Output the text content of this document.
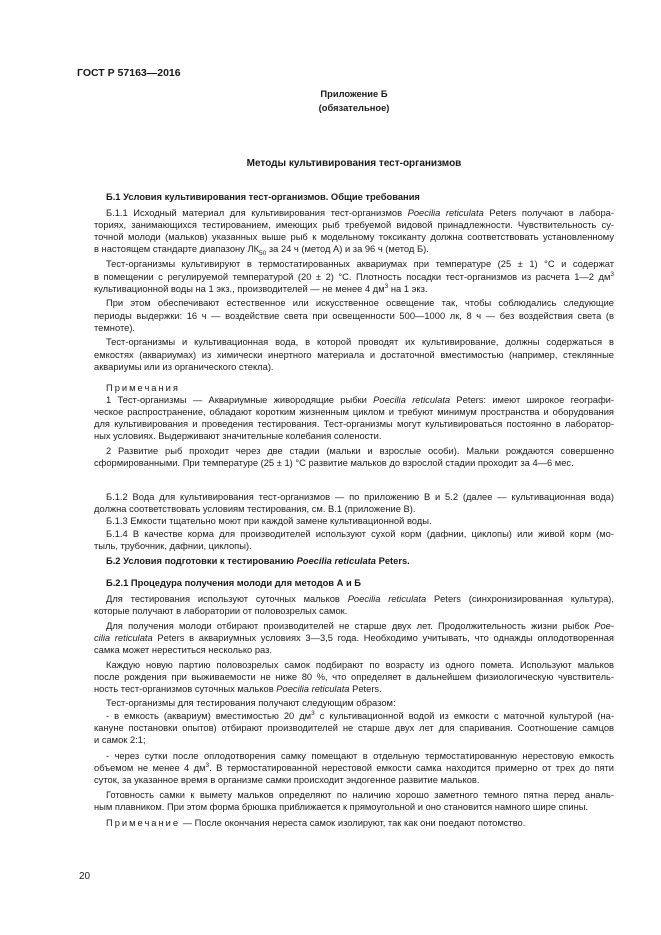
ГОСТ Р 57163—2016
Приложение Б
(обязательное)
Методы культивирования тест-организмов
Б.1 Условия культивирования тест-организмов. Общие требования
Б.1.1 Исходный материал для культивирования тест-организмов Poecilia reticulata Peters получают в лабора-
ториях, занимающихся тестированием, имеющих рыб требуемой видовой принадлежности. Чувствительность су-
точной молоди (мальков) указанных выше рыб к модельному токсиканту должна соответствовать установленному
в настоящем стандарте диапазону $ЛК_{50}$ за 24 ч (метод А) и за 96 ч (метод Б).
Тест-организмы культивируют в термостатированных аквариумах при температуре (25 ± 1) °С и содержат
в помещении с регулируемой температурой (20 ± 2) °С. Плотность посадки тест-организмов из расчета 1—2 $дм^3$
культивационной воды на 1 экз., производителей — не менее 4 $дм^3$ на 1 экз.
При этом обеспечивают естественное или искусственное освещение так, чтобы соблюдались следующие
периоды выдержки: 16 ч — воздействие света при освещенности 500—1000 лк, 8 ч — без воздействия света (в
темноте).
Тест-организмы и культивационная вода, в которой проводят их культивирование, должны содержаться в
емкостях (аквариумах) из химически инертного материала и достаточной вместимостью (например, стеклянные
аквариумы или из органического стекла).
Примечания
1 Тест-организмы — Аквариумные живородящие рыбки Poecilia reticulata Peters: имеют широкое географи-
ческое распространение, обладают коротким жизненным циклом и требуют минимум пространства и оборудования
для культивирования и проведения тестирования. Тест-организмы могут культивироваться постоянно в лаборатор-
ных условиях. Выдерживают значительные колебания солености.
2 Развитие рыб проходит через две стадии (мальки и взрослые особи). Мальки рождаются совершенно
сформированными. При температуре (25 ± 1) °С развитие мальков до взрослой стадии проходит за 4—6 мес.
Б.1.2 Вода для культивирования тест-организмов — по приложению В и 5.2 (далее — культивационная вода)
должна соответствовать условиям тестирования, см. В.1 (приложение В).
Б.1.3 Емкости тщательно моют при каждой замене культивационной воды.
Б.1.4 В качестве корма для производителей используют сухой корм (дафнии, циклопы) или живой корм (мо-
тыль, трубочник, дафнии, циклопы).
Б.2 Условия подготовки к тестированию Poecilia reticulata Peters.
Б.2.1 Процедура получения молоди для методов А и Б
Для тестирования используют суточных мальков Poecilia reticulata Peters (синхронизированная культура),
которые получают в лаборатории от половозрелых самок.
Для получения молоди отбирают производителей не старше двух лет. Продолжительность жизни рыбок Poe-
cilia reticulata Peters в аквариумных условиях 3—3,5 года. Необходимо учитывать, что однажды оплодотворенная
самка может нереститься несколько раз.
Каждую новую партию половозрелых самок подбирают по возрасту из одного помета. Используют мальков
после рождения при выживаемости не ниже 80 %, что определяет в дальнейшем физиологическую чувствитель-
ность тест-организмов суточных мальков Poecilia reticulata Peters.
Тест-организмы для тестирования получают следующим образом:
- в емкость (аквариум) вместимостью 20 $дм^3$ с культивационной водой из емкости с маточной культурой (на-
кануне постановки опытов) отбирают производителей не старше двух лет для спаривания. Соотношение самцов
и самок 2:1;
- через сутки после оплодотворения самку помещают в отдельную термостатированную нерестовую емкость
объемом не менее 4 $дм^3$. В термостатированной нерестовой емкости самка находится примерно от трех до пяти
суток, за указанное время в организме самки происходит эндогенное развитие мальков.
Готовность самки к вымету мальков определяют по наличию хорошо заметного темного пятна перед аналь-
ным плавником. При этом форма брюшка приближается к прямоугольной и оно становится намного шире спины.
Примечание — После окончания нереста самок изолируют, так как они поедают потомство.
20
